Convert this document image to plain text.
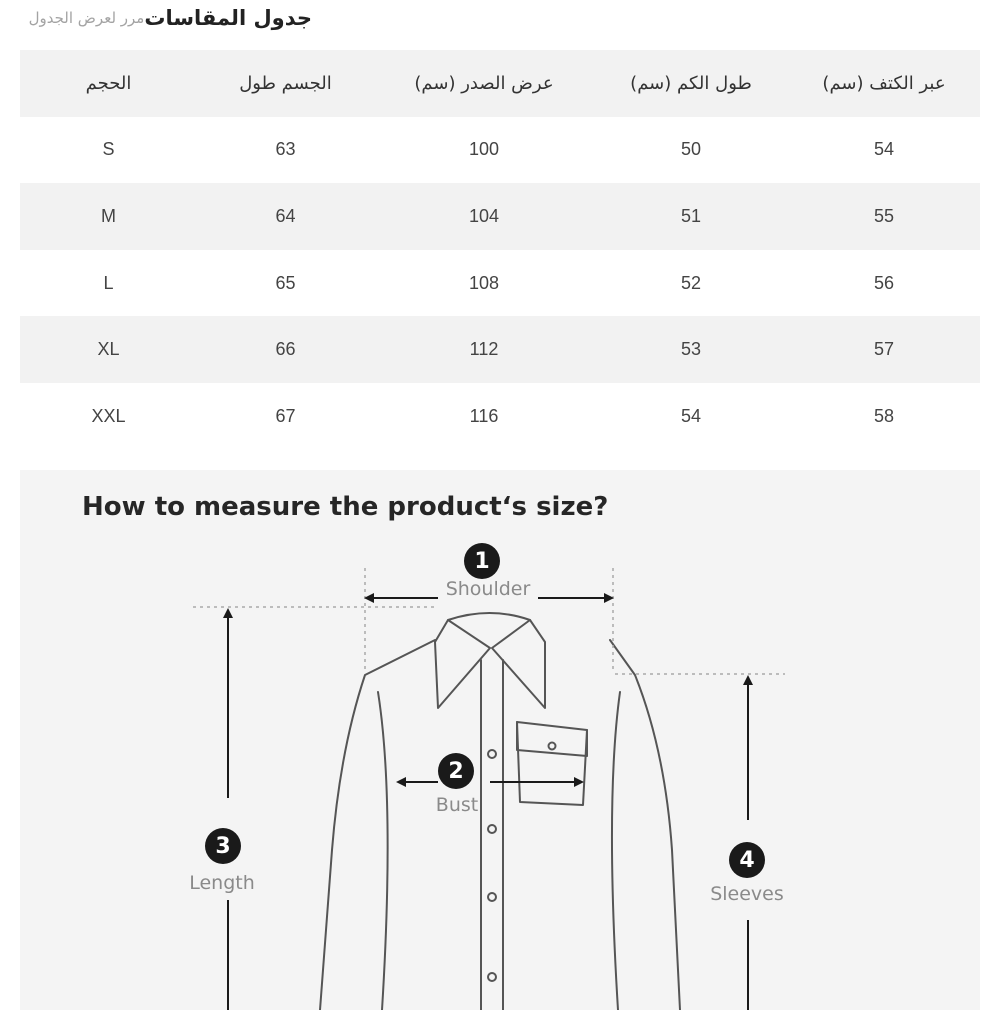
جدول المقاسات
مرر لعرض الجدول
الحجم	الجسم طول	(عرض الصدر (سم	(طول الكم (سم	(عبر الكتف (سم
S	63	100	50	54
M	64	104	51	55
L	65	108	52	56
XL	66	112	53	57
XXL	67	116	54	58
How to measure the product‘s size?
1
Shoulder
2
Bust
3
Length
4
Sleeves
